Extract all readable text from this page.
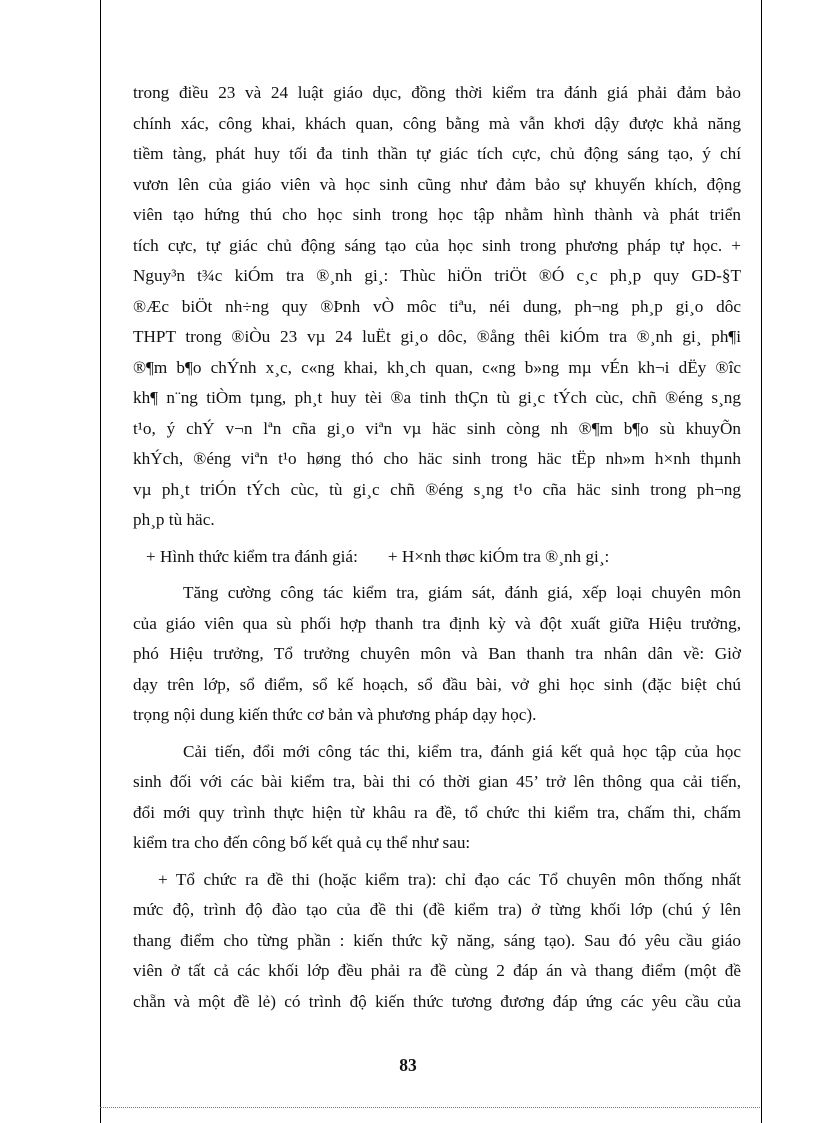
trong điều 23 và 24 luật giáo dục, đồng thời kiểm tra đánh giá phải đảm bảo

chính xác, công khai, khách quan, công bằng mà vẫn khơi dậy được khả năng

tiềm tàng, phát huy tối đa tinh thần tự giác tích cực, chủ động sáng tạo, ý chí

vươn lên của giáo viên và học sinh cũng như đảm bảo sự khuyến khích, động

viên tạo hứng thú cho học sinh trong học tập nhằm hình thành và phát triển

tích cực, tự giác chủ động sáng tạo của học sinh trong phương pháp tự học. +

Nguy³n t¾c kiÓm tra ®¸nh gi¸: Thùc hiÖn triÖt ®Ó c¸c ph¸p quy GD-§T

®Æc biÖt nh÷ng quy ®Þnh vÒ môc tiªu, néi dung, ph¬ng ph¸p gi¸o dôc

THPT trong ®iÒu 23 vµ 24 luËt gi¸o dôc, ®ång thêi kiÓm tra ®¸nh gi¸ ph¶i

®¶m b¶o chÝnh x¸c, c«ng khai, kh¸ch quan, c«ng b»ng mµ vÉn kh¬i dËy ®îc

kh¶ n¨ng tiÒm tµng, ph¸t huy tèi ®a tinh thÇn tù gi¸c tÝch cùc, chñ ®éng s¸ng

t¹o, ý chÝ v¬n lªn cña gi¸o viªn vµ häc sinh còng nh ®¶m b¶o sù khuyÕn

khÝch, ®éng viªn t¹o høng thó cho häc sinh trong häc tËp nh»m h×nh thµnh

vµ ph¸t triÓn tÝch cùc, tù gi¸c chñ ®éng s¸ng t¹o cña häc sinh trong ph¬ng

ph¸p tù häc.

+ Hình thức kiểm tra đánh giá: + H×nh thøc kiÓm tra ®¸nh gi¸:

Tăng cường công tác kiểm tra, giám sát, đánh giá, xếp loại chuyên môn

của giáo viên qua sù phối hợp thanh tra định kỳ và đột xuất giữa Hiệu trưởng,

phó Hiệu trưởng, Tổ trưởng chuyên môn và Ban thanh tra nhân dân về: Giờ

dạy trên lớp, sổ điểm, sổ kế hoạch, sổ đầu bài, vở ghi học sinh (đặc biệt chú

trọng nội dung kiến thức cơ bản và phương pháp dạy học).

Cải tiến, đổi mới công tác thi, kiểm tra, đánh giá kết quả học tập của học

sinh đối với các bài kiểm tra, bài thi có thời gian 45’ trở lên thông qua cải tiến,

đổi mới quy trình thực hiện từ khâu ra đề, tổ chức thi kiểm tra, chấm thi, chấm

kiểm tra cho đến công bố kết quả cụ thể như sau:

+ Tổ chức ra đề thi (hoặc kiểm tra): chỉ đạo các Tổ chuyên môn thống nhất

mức độ, trình độ đào tạo của đề thi (đề kiểm tra) ở từng khối lớp (chú ý lên

thang điểm cho từng phần : kiến thức kỹ năng, sáng tạo). Sau đó yêu cầu giáo

viên ở tất cả các khối lớp đều phải ra đề cùng 2 đáp án và thang điểm (một đề

chẵn và một đề lẻ) có trình độ kiến thức tương đương đáp ứng các yêu cầu của

83
